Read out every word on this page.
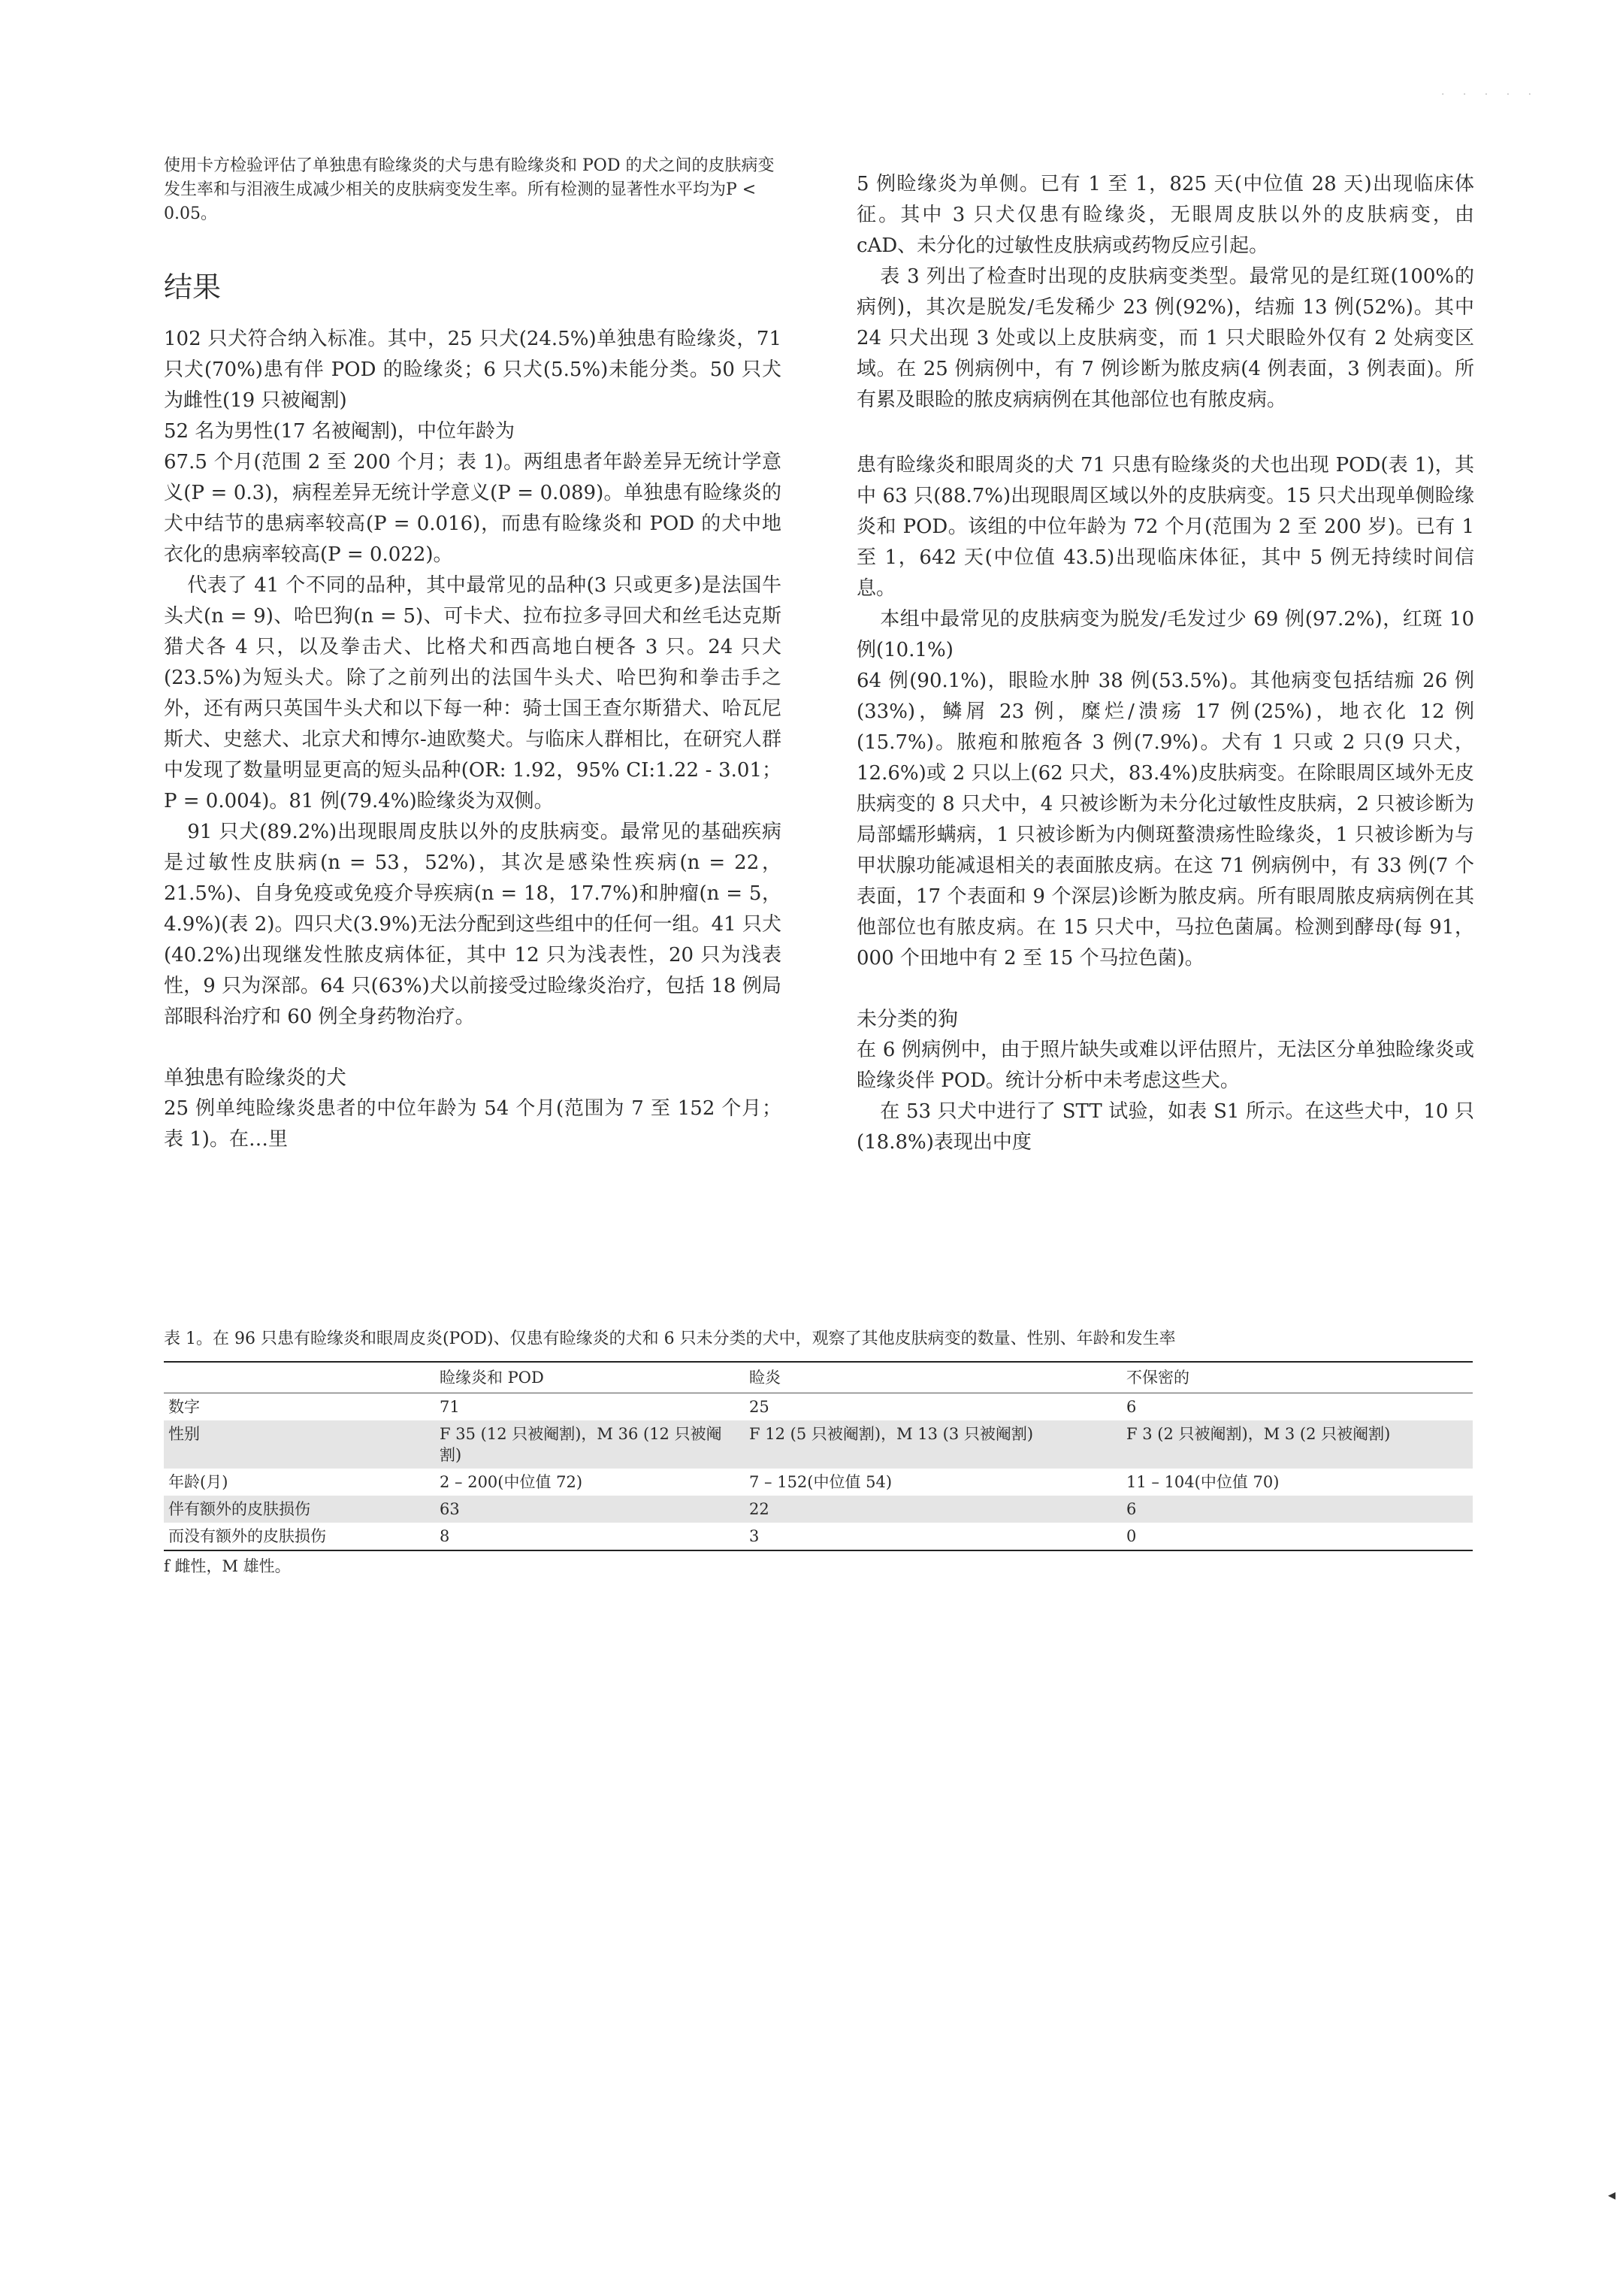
· · · · ·

使用卡方检验评估了单独患有睑缘炎的犬与患有睑缘炎和 POD 的犬之间的皮肤病变发生率和与泪液生成减少相关的皮肤病变发生率。所有检测的显著性水平均为P < 0.05。

结果

102 只犬符合纳入标准。其中，25 只犬(24.5%)单独患有睑缘炎，71 只犬(70%)患有伴 POD 的睑缘炎；6 只犬(5.5%)未能分类。50 只犬为雌性(19 只被阉割)

52 名为男性(17 名被阉割)，中位年龄为

67.5 个月(范围 2 至 200 个月；表 1)。两组患者年龄差异无统计学意义(P = 0.3)，病程差异无统计学意义(P = 0.089)。单独患有睑缘炎的犬中结节的患病率较高(P = 0.016)，而患有睑缘炎和 POD 的犬中地衣化的患病率较高(P = 0.022)。

代表了 41 个不同的品种，其中最常见的品种(3 只或更多)是法国牛头犬(n = 9)、哈巴狗(n = 5)、可卡犬、拉布拉多寻回犬和丝毛达克斯猎犬各 4 只，以及拳击犬、比格犬和西高地白梗各 3 只。24 只犬(23.5%)为短头犬。除了之前列出的法国牛头犬、哈巴狗和拳击手之外，还有两只英国牛头犬和以下每一种：骑士国王查尔斯猎犬、哈瓦尼斯犬、史慈犬、北京犬和博尔-迪欧獒犬。与临床人群相比，在研究人群中发现了数量明显更高的短头品种(OR: 1.92，95% CI:1.22 - 3.01；P = 0.004)。81 例(79.4%)睑缘炎为双侧。

91 只犬(89.2%)出现眼周皮肤以外的皮肤病变。最常见的基础疾病是过敏性皮肤病(n = 53，52%)，其次是感染性疾病(n = 22，21.5%)、自身免疫或免疫介导疾病(n = 18，17.7%)和肿瘤(n = 5，4.9%)(表 2)。四只犬(3.9%)无法分配到这些组中的任何一组。41 只犬(40.2%)出现继发性脓皮病体征，其中 12 只为浅表性，20 只为浅表性，9 只为深部。64 只(63%)犬以前接受过睑缘炎治疗，包括 18 例局部眼科治疗和 60 例全身药物治疗。

单独患有睑缘炎的犬

25 例单纯睑缘炎患者的中位年龄为 54 个月(范围为 7 至 152 个月；表 1)。在…里

5 例睑缘炎为单侧。已有 1 至 1，825 天(中位值 28 天)出现临床体征。其中 3 只犬仅患有睑缘炎，无眼周皮肤以外的皮肤病变，由 cAD、未分化的过敏性皮肤病或药物反应引起。

表 3 列出了检查时出现的皮肤病变类型。最常见的是红斑(100%的病例)，其次是脱发/毛发稀少 23 例(92%)，结痂 13 例(52%)。其中 24 只犬出现 3 处或以上皮肤病变，而 1 只犬眼睑外仅有 2 处病变区域。在 25 例病例中，有 7 例诊断为脓皮病(4 例表面，3 例表面)。所有累及眼睑的脓皮病病例在其他部位也有脓皮病。

患有睑缘炎和眼周炎的犬 71 只患有睑缘炎的犬也出现 POD(表 1)，其中 63 只(88.7%)出现眼周区域以外的皮肤病变。15 只犬出现单侧睑缘炎和 POD。该组的中位年龄为 72 个月(范围为 2 至 200 岁)。已有 1 至 1，642 天(中位值 43.5)出现临床体征，其中 5 例无持续时间信息。

本组中最常见的皮肤病变为脱发/毛发过少 69 例(97.2%)，红斑 10 例(10.1%)

64 例(90.1%)，眼睑水肿 38 例(53.5%)。其他病变包括结痂 26 例(33%)，鳞屑 23 例，糜烂/溃疡 17 例(25%)，地衣化 12 例(15.7%)。脓疱和脓疱各 3 例(7.9%)。犬有 1 只或 2 只(9 只犬，12.6%)或 2 只以上(62 只犬，83.4%)皮肤病变。在除眼周区域外无皮肤病变的 8 只犬中，4 只被诊断为未分化过敏性皮肤病，2 只被诊断为局部蠕形螨病，1 只被诊断为内侧斑螯溃疡性睑缘炎，1 只被诊断为与甲状腺功能减退相关的表面脓皮病。在这 71 例病例中，有 33 例(7 个表面，17 个表面和 9 个深层)诊断为脓皮病。所有眼周脓皮病病例在其他部位也有脓皮病。在 15 只犬中，马拉色菌属。检测到酵母(每 91，000 个田地中有 2 至 15 个马拉色菌)。

未分类的狗

在 6 例病例中，由于照片缺失或难以评估照片，无法区分单独睑缘炎或睑缘炎伴 POD。统计分析中未考虑这些犬。

在 53 只犬中进行了 STT 试验，如表 S1 所示。在这些犬中，10 只(18.8%)表现出中度

表 1。在 96 只患有睑缘炎和眼周皮炎(POD)、仅患有睑缘炎的犬和 6 只未分类的犬中，观察了其他皮肤病变的数量、性别、年龄和发生率

	睑缘炎和 POD	睑炎	不保密的
数字	71	25	6
性别	F 35 (12 只被阉割)，M 36 (12 只被阉割)	F 12 (5 只被阉割)，M 13 (3 只被阉割)	F 3 (2 只被阉割)，M 3 (2 只被阉割)
年龄(月)	2 – 200(中位值 72)	7 – 152(中位值 54)	11 – 104(中位值 70)
伴有额外的皮肤损伤	63	22	6
而没有额外的皮肤损伤	8	3	0

f 雌性，M 雄性。

◂
